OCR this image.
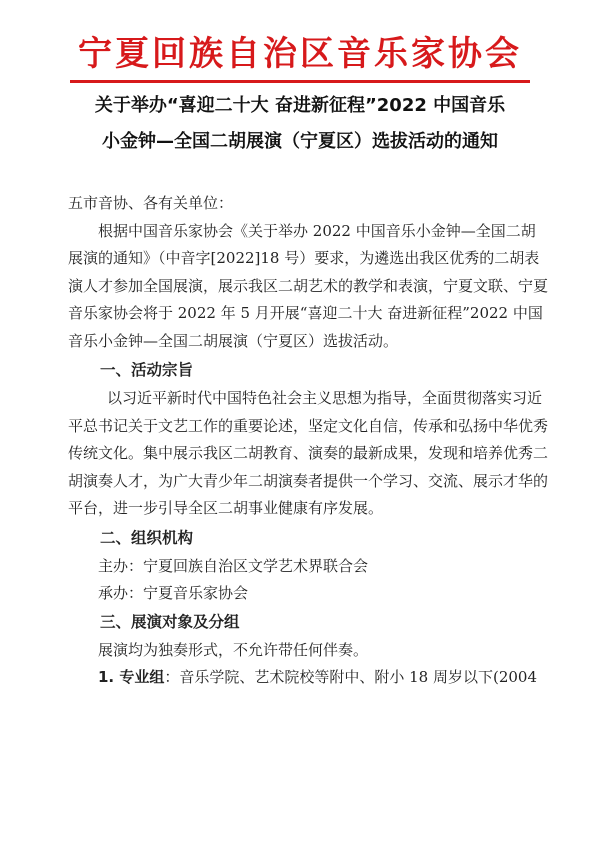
宁夏回族自治区音乐家协会
关于举办“喜迎二十大 奋进新征程”2022 中国音乐
小金钟—全国二胡展演（宁夏区）选拔活动的通知

五市音协、各有关单位：

根据中国音乐家协会《关于举办 2022 中国音乐小金钟—全国二胡展演的通知》（中音字[2022]18 号）要求，为遴选出我区优秀的二胡表演人才参加全国展演，展示我区二胡艺术的教学和表演，宁夏文联、宁夏音乐家协会将于 2022 年 5 月开展“喜迎二十大 奋进新征程”2022 中国音乐小金钟—全国二胡展演（宁夏区）选拔活动。

一、活动宗旨

以习近平新时代中国特色社会主义思想为指导，全面贯彻落实习近平总书记关于文艺工作的重要论述，坚定文化自信，传承和弘扬中华优秀传统文化。集中展示我区二胡教育、演奏的最新成果，发现和培养优秀二胡演奏人才，为广大青少年二胡演奏者提供一个学习、交流、展示才华的平台，进一步引导全区二胡事业健康有序发展。

二、组织机构

主办：宁夏回族自治区文学艺术界联合会

承办：宁夏音乐家协会

三、展演对象及分组

展演均为独奏形式，不允许带任何伴奏。

1. 专业组：音乐学院、艺术院校等附中、附小 18 周岁以下(2004
